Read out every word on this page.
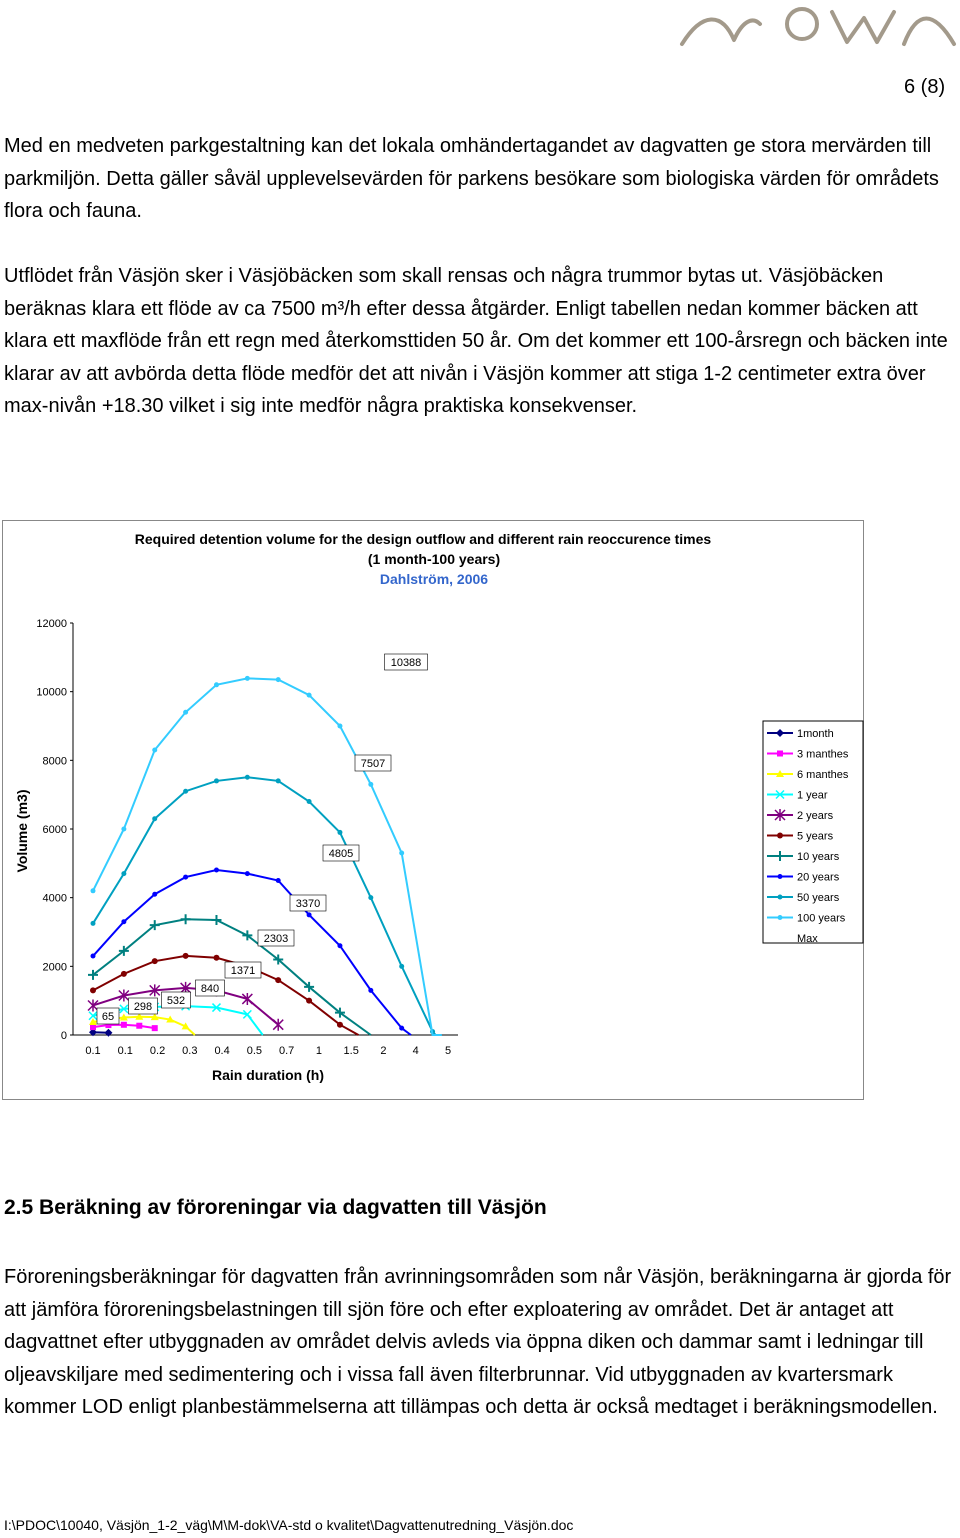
6 (8)

Med en medveten parkgestaltning kan det lokala omhändertagandet av dagvatten ge stora mervärden till parkmiljön. Detta gäller såväl upplevelsevärden för parkens besökare som biologiska värden för områdets flora och fauna.

Utflödet från Väsjön sker i Väsjöbäcken som skall rensas och några trummor bytas ut. Väsjöbäcken beräknas klara ett flöde av ca 7500 m³/h efter dessa åtgärder. Enligt tabellen nedan kommer bäcken att klara ett maxflöde från ett regn med återkomsttiden 50 år. Om det kommer ett 100-årsregn och bäcken inte klarar av att avbörda detta flöde medför det att nivån i Väsjön kommer att stiga 1-2 centimeter extra över max-nivån +18.30 vilket i sig inte medför några praktiska konsekvenser.

Required detention volume for the design outflow and different rain reoccurence times
(1 month-100 years)
Dahlström, 2006
0
2000
4000
6000
8000
10000
12000
0.1 0.1 0.2 0.3 0.4 0.5 0.7 1 1.5 2 4 5
Rain duration (h)
Volume (m3)
65
298 532
840
1371
2303
3370
4805
7507
10388
1month
3 manthes
6 manthes
1 year
2 years
5 years
10 years
20 years
50 years
100 years
Max
2.5 Beräkning av föroreningar via dagvatten till Väsjön

Föroreningsberäkningar för dagvatten från avrinningsområden som når Väsjön, beräkningarna är gjorda för att jämföra föroreningsbelastningen till sjön före och efter exploatering av området. Det är antaget att dagvattnet efter utbyggnaden av området delvis avleds via öppna diken och dammar samt i ledningar till oljeavskiljare med sedimentering och i vissa fall även filterbrunnar. Vid utbyggnaden av kvartersmark kommer LOD enligt planbestämmelserna att tillämpas och detta är också medtaget i beräkningsmodellen.

I:\PDOC\10040, Väsjön_1-2_väg\M\M-dok\VA-std o kvalitet\Dagvattenutredning_Väsjön.doc
